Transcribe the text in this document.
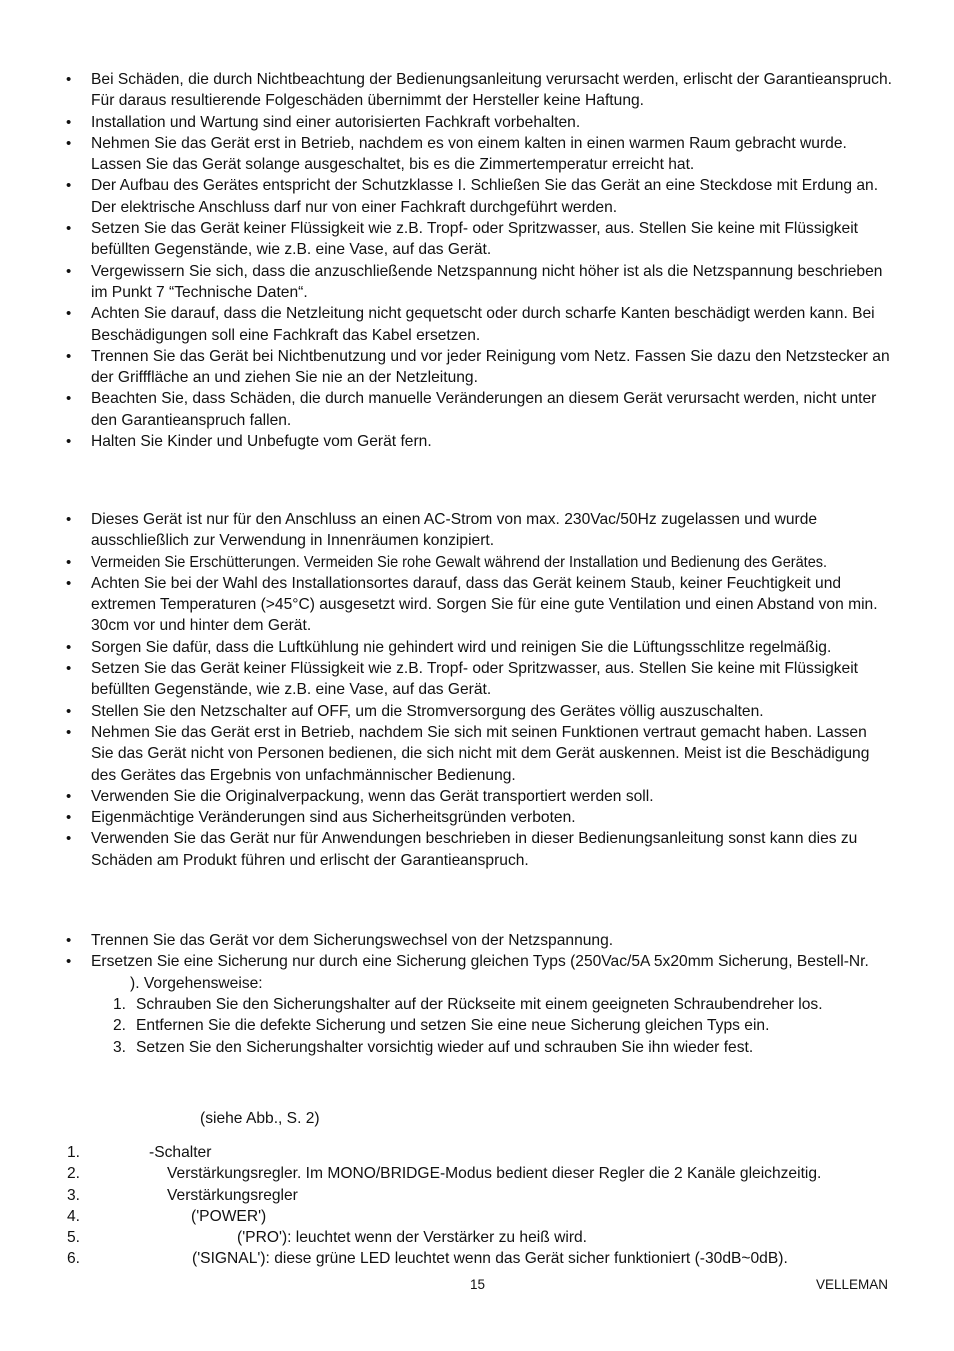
• Bei Schäden, die durch Nichtbeachtung der Bedienungsanleitung verursacht werden, erlischt der Garantieanspruch. Für daraus resultierende Folgeschäden übernimmt der Hersteller keine Haftung.
• Installation und Wartung sind einer autorisierten Fachkraft vorbehalten.
• Nehmen Sie das Gerät erst in Betrieb, nachdem es von einem kalten in einen warmen Raum gebracht wurde. Lassen Sie das Gerät solange ausgeschaltet, bis es die Zimmertemperatur erreicht hat.
• Der Aufbau des Gerätes entspricht der Schutzklasse I. Schließen Sie das Gerät an eine Steckdose mit Erdung an. Der elektrische Anschluss darf nur von einer Fachkraft durchgeführt werden.
• Setzen Sie das Gerät keiner Flüssigkeit wie z.B. Tropf- oder Spritzwasser, aus. Stellen Sie keine mit Flüssigkeit befüllten Gegenstände, wie z.B. eine Vase, auf das Gerät.
• Vergewissern Sie sich, dass die anzuschließende Netzspannung nicht höher ist als die Netzspannung beschrieben im Punkt 7 “Technische Daten“.
• Achten Sie darauf, dass die Netzleitung nicht gequetscht oder durch scharfe Kanten beschädigt werden kann. Bei Beschädigungen soll eine Fachkraft das Kabel ersetzen.
• Trennen Sie das Gerät bei Nichtbenutzung und vor jeder Reinigung vom Netz. Fassen Sie dazu den Netzstecker an der Grifffläche an und ziehen Sie nie an der Netzleitung.
• Beachten Sie, dass Schäden, die durch manuelle Veränderungen an diesem Gerät verursacht werden, nicht unter den Garantieanspruch fallen.
• Halten Sie Kinder und Unbefugte vom Gerät fern.
• Dieses Gerät ist nur für den Anschluss an einen AC-Strom von max. 230Vac/50Hz zugelassen und wurde ausschließlich zur Verwendung in Innenräumen konzipiert.
• Vermeiden Sie Erschütterungen. Vermeiden Sie rohe Gewalt während der Installation und Bedienung des Gerätes.
• Achten Sie bei der Wahl des Installationsortes darauf, dass das Gerät keinem Staub, keiner Feuchtigkeit und extremen Temperaturen (>45°C) ausgesetzt wird. Sorgen Sie für eine gute Ventilation und einen Abstand von min. 30cm vor und hinter dem Gerät.
• Sorgen Sie dafür, dass die Luftkühlung nie gehindert wird und reinigen Sie die Lüftungsschlitze regelmäßig.
• Setzen Sie das Gerät keiner Flüssigkeit wie z.B. Tropf- oder Spritzwasser, aus. Stellen Sie keine mit Flüssigkeit befüllten Gegenstände, wie z.B. eine Vase, auf das Gerät.
• Stellen Sie den Netzschalter auf OFF, um die Stromversorgung des Gerätes völlig auszuschalten.
• Nehmen Sie das Gerät erst in Betrieb, nachdem Sie sich mit seinen Funktionen vertraut gemacht haben. Lassen Sie das Gerät nicht von Personen bedienen, die sich nicht mit dem Gerät auskennen. Meist ist die Beschädigung des Gerätes das Ergebnis von unfachmännischer Bedienung.
• Verwenden Sie die Originalverpackung, wenn das Gerät transportiert werden soll.
• Eigenmächtige Veränderungen sind aus Sicherheitsgründen verboten.
• Verwenden Sie das Gerät nur für Anwendungen beschrieben in dieser Bedienungsanleitung sonst kann dies zu Schäden am Produkt führen und erlischt der Garantieanspruch.
• Trennen Sie das Gerät vor dem Sicherungswechsel von der Netzspannung.
• Ersetzen Sie eine Sicherung nur durch eine Sicherung gleichen Typs (250Vac/5A 5x20mm Sicherung, Bestell-Nr.
). Vorgehensweise:
1. Schrauben Sie den Sicherungshalter auf der Rückseite mit einem geeigneten Schraubendreher los.
2. Entfernen Sie die defekte Sicherung und setzen Sie eine neue Sicherung gleichen Typs ein.
3. Setzen Sie den Sicherungshalter vorsichtig wieder auf und schrauben Sie ihn wieder fest.
(siehe Abb., S. 2)
1.	-Schalter
2.	Verstärkungsregler. Im MONO/BRIDGE-Modus bedient dieser Regler die 2 Kanäle gleichzeitig.
3.	Verstärkungsregler
4.	('POWER')
5.	('PRO'): leuchtet wenn der Verstärker zu heiß wird.
6.	('SIGNAL'): diese grüne LED leuchtet wenn das Gerät sicher funktioniert (-30dB~0dB).
15	VELLEMAN
